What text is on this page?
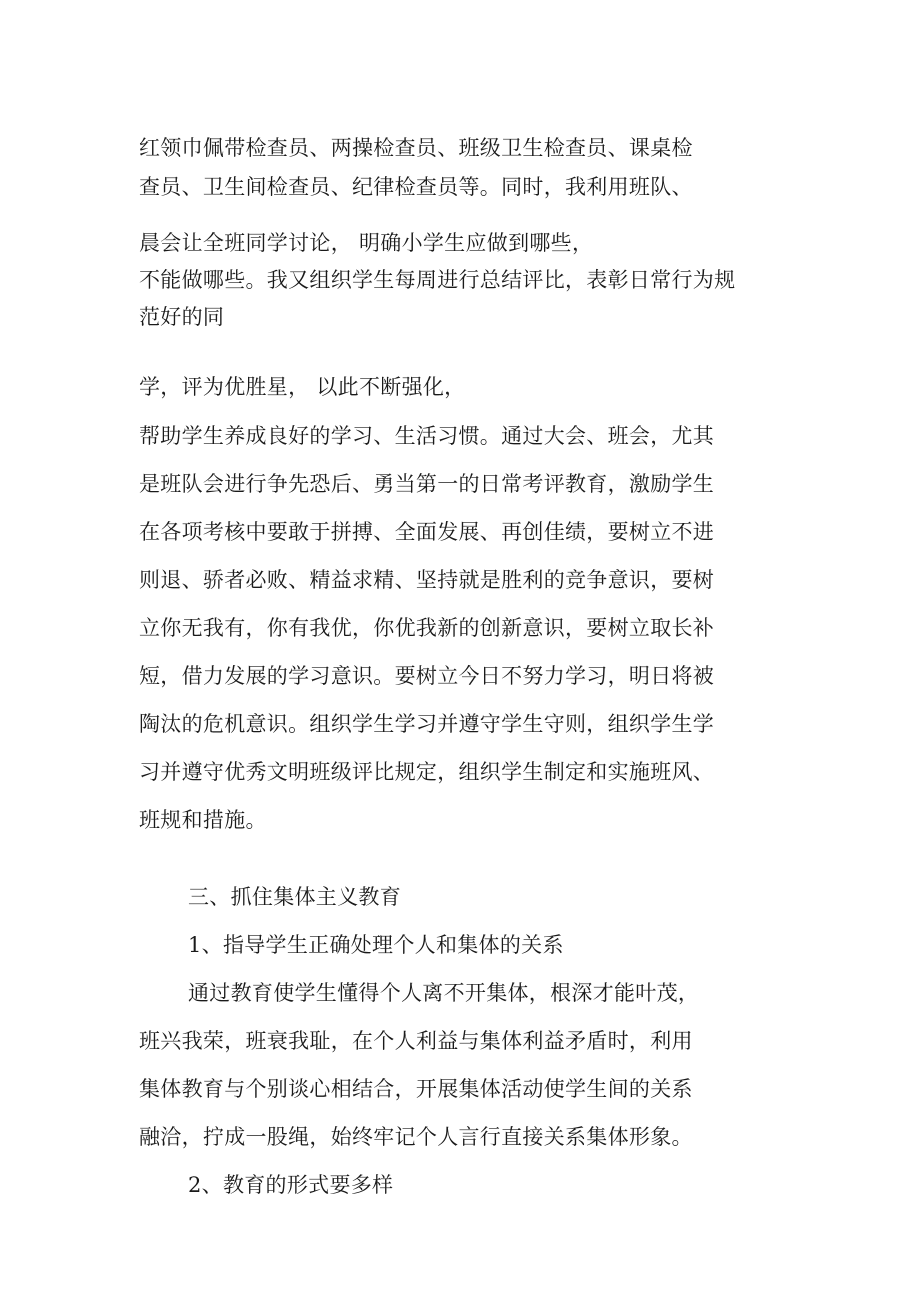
红领巾佩带检查员、两操检查员、班级卫生检查员、课桌检
查员、卫生间检查员、纪律检查员等。同时，我利用班队、
晨会让全班同学讨论， 明确小学生应做到哪些，
不能做哪些。我又组织学生每周进行总结评比，表彰日常行为规
范好的同
学，评为优胜星， 以此不断强化，
帮助学生养成良好的学习、生活习惯。通过大会、班会，尤其
是班队会进行争先恐后、勇当第一的日常考评教育，激励学生
在各项考核中要敢于拼搏、全面发展、再创佳绩，要树立不进
则退、骄者必败、精益求精、坚持就是胜利的竞争意识，要树
立你无我有，你有我优，你优我新的创新意识，要树立取长补
短，借力发展的学习意识。要树立今日不努力学习，明日将被
陶汰的危机意识。组织学生学习并遵守学生守则，组织学生学
习并遵守优秀文明班级评比规定，组织学生制定和实施班风、
班规和措施。
三、抓住集体主义教育
1、指导学生正确处理个人和集体的关系
通过教育使学生懂得个人离不开集体，根深才能叶茂，
班兴我荣，班衰我耻，在个人利益与集体利益矛盾时，利用
集体教育与个别谈心相结合，开展集体活动使学生间的关系
融洽，拧成一股绳，始终牢记个人言行直接关系集体形象。
2、教育的形式要多样
